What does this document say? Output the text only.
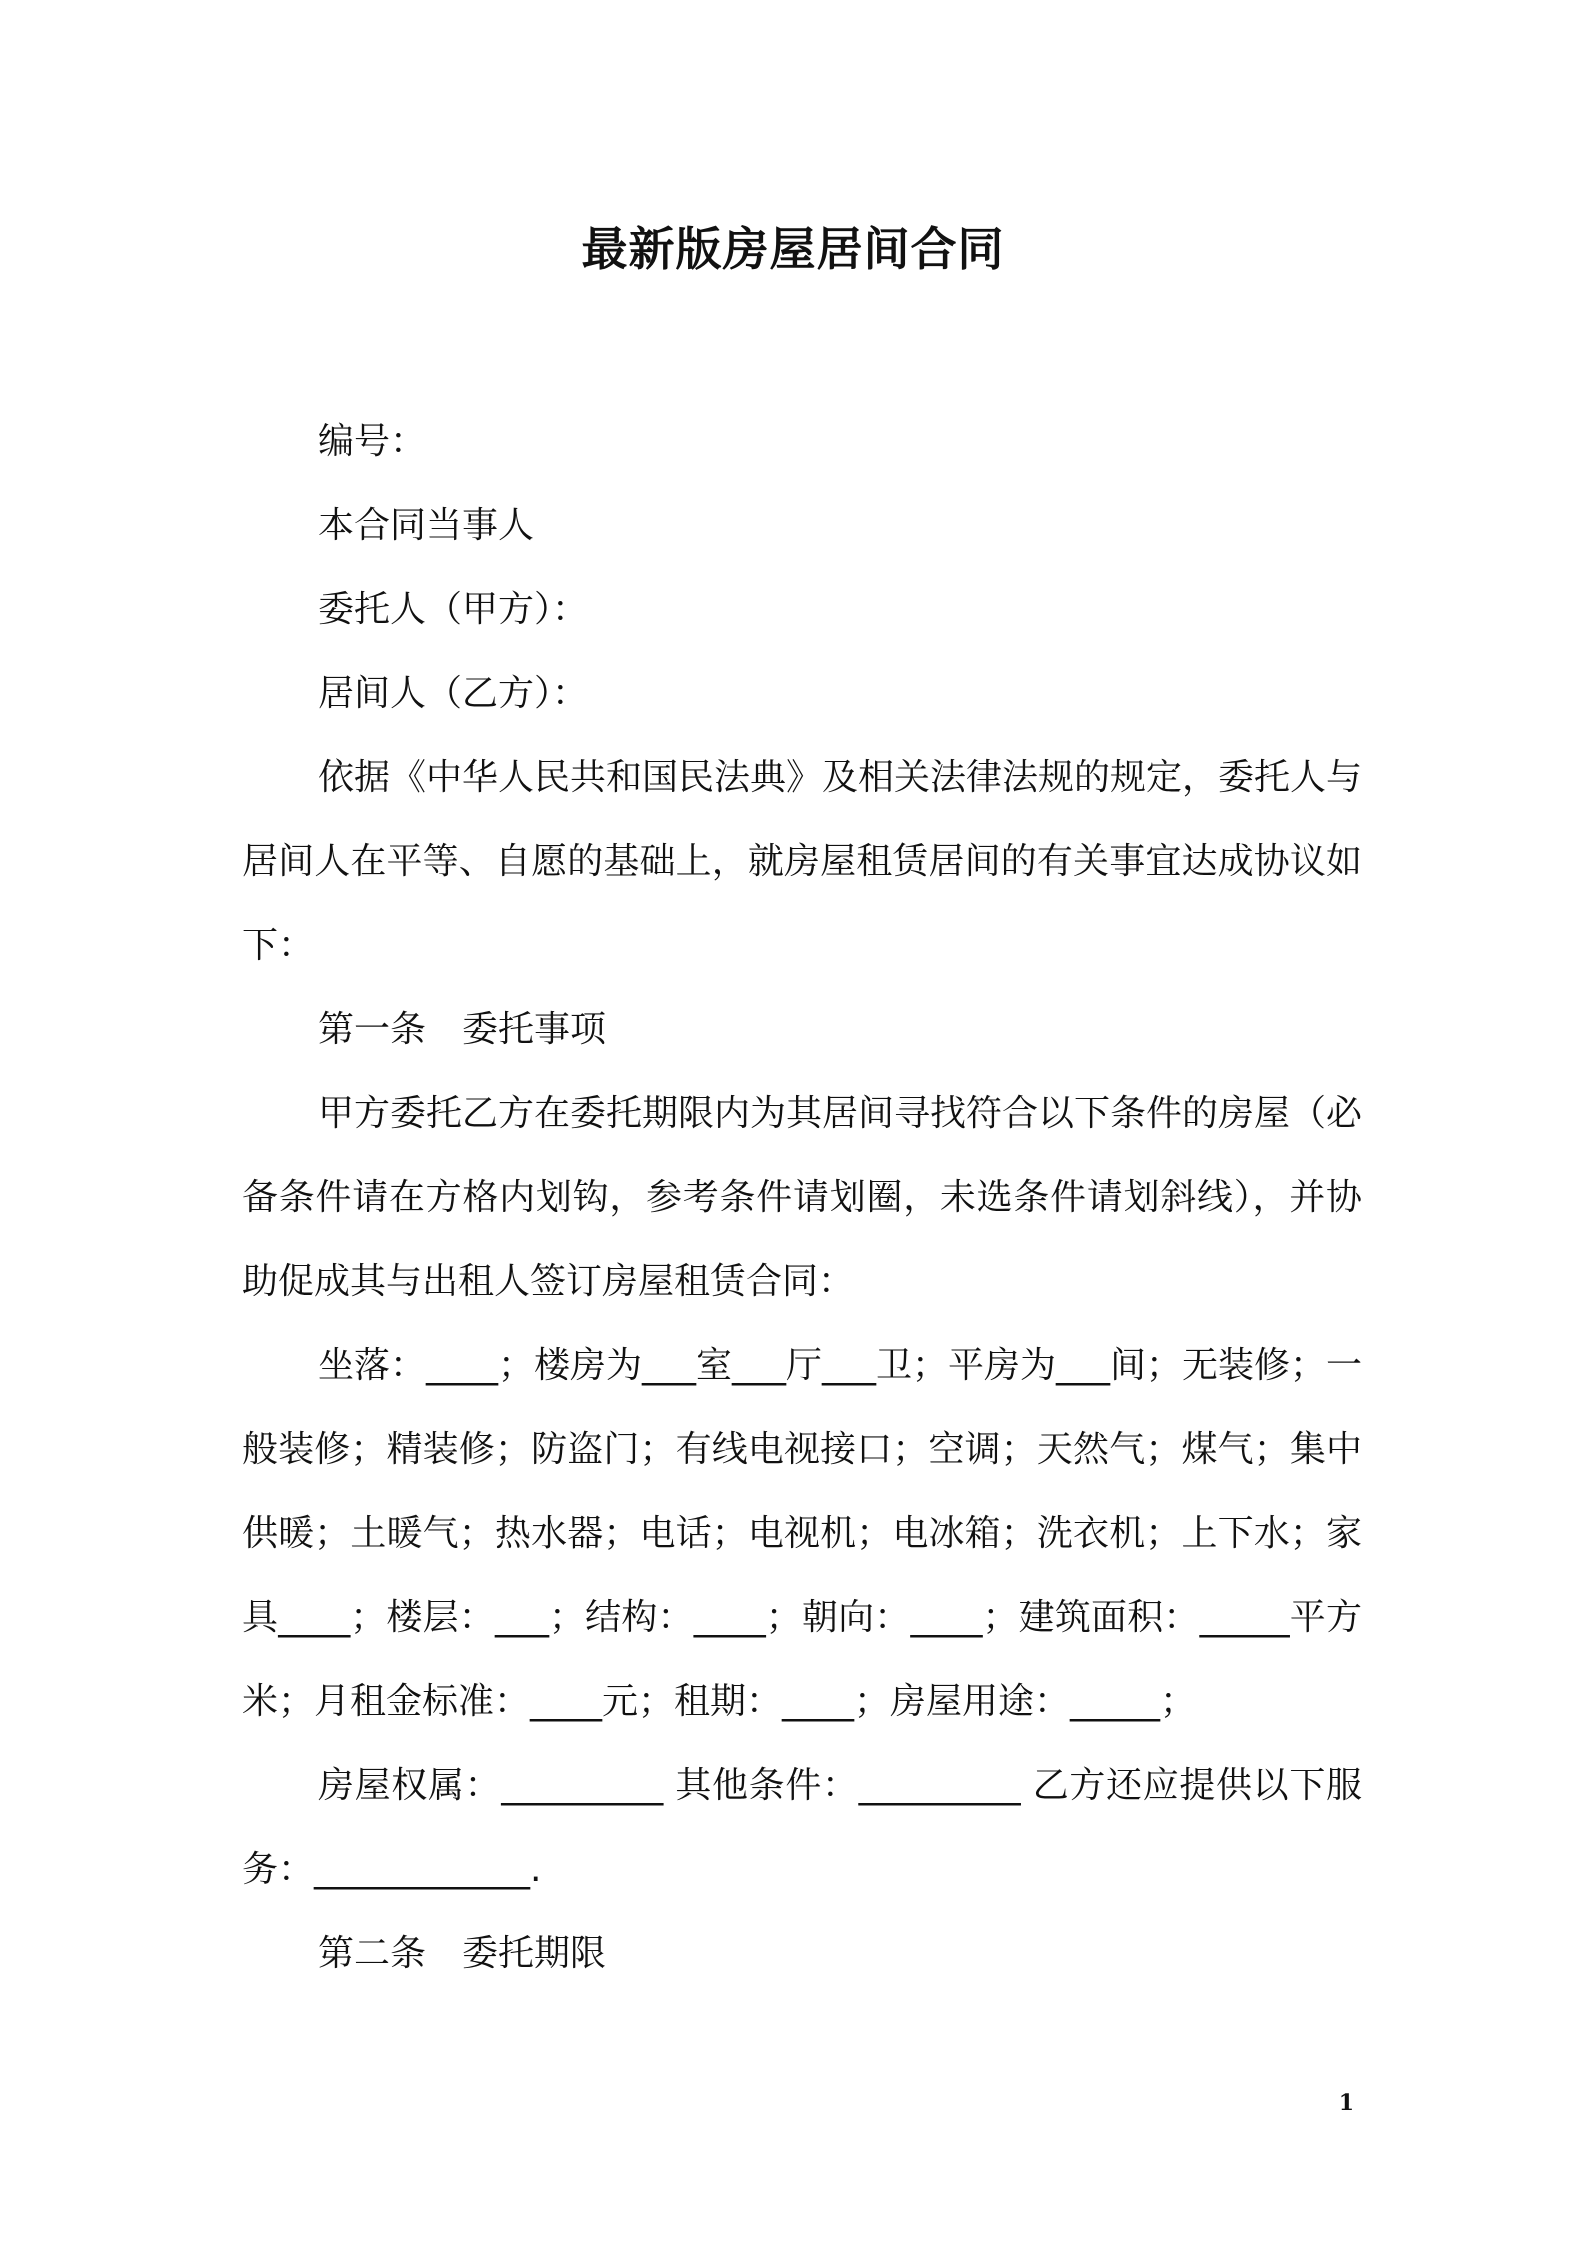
最新版房屋居间合同

编号：

本合同当事人

委托人（甲方）：

居间人（乙方）：

依据《中华人民共和国民法典》及相关法律法规的规定，委托人与居间人在平等、自愿的基础上，就房屋租赁居间的有关事宜达成协议如下：

第一条　委托事项

甲方委托乙方在委托期限内为其居间寻找符合以下条件的房屋（必备条件请在方格内划钩，参考条件请划圈，未选条件请划斜线），并协助促成其与出租人签订房屋租赁合同：

坐落：____；楼房为___室___厅___卫；平房为___间；无装修；一般装修；精装修；防盗门；有线电视接口；空调；天然气；煤气；集中供暖；土暖气；热水器；电话；电视机；电冰箱；洗衣机；上下水；家具____；楼层：___；结构：____；朝向：____；建筑面积：_____平方米；月租金标准：____元；租期：____；房屋用途：_____；

房屋权属：_________ 其他条件：_________ 乙方还应提供以下服务：____________.

第二条　委托期限

1
